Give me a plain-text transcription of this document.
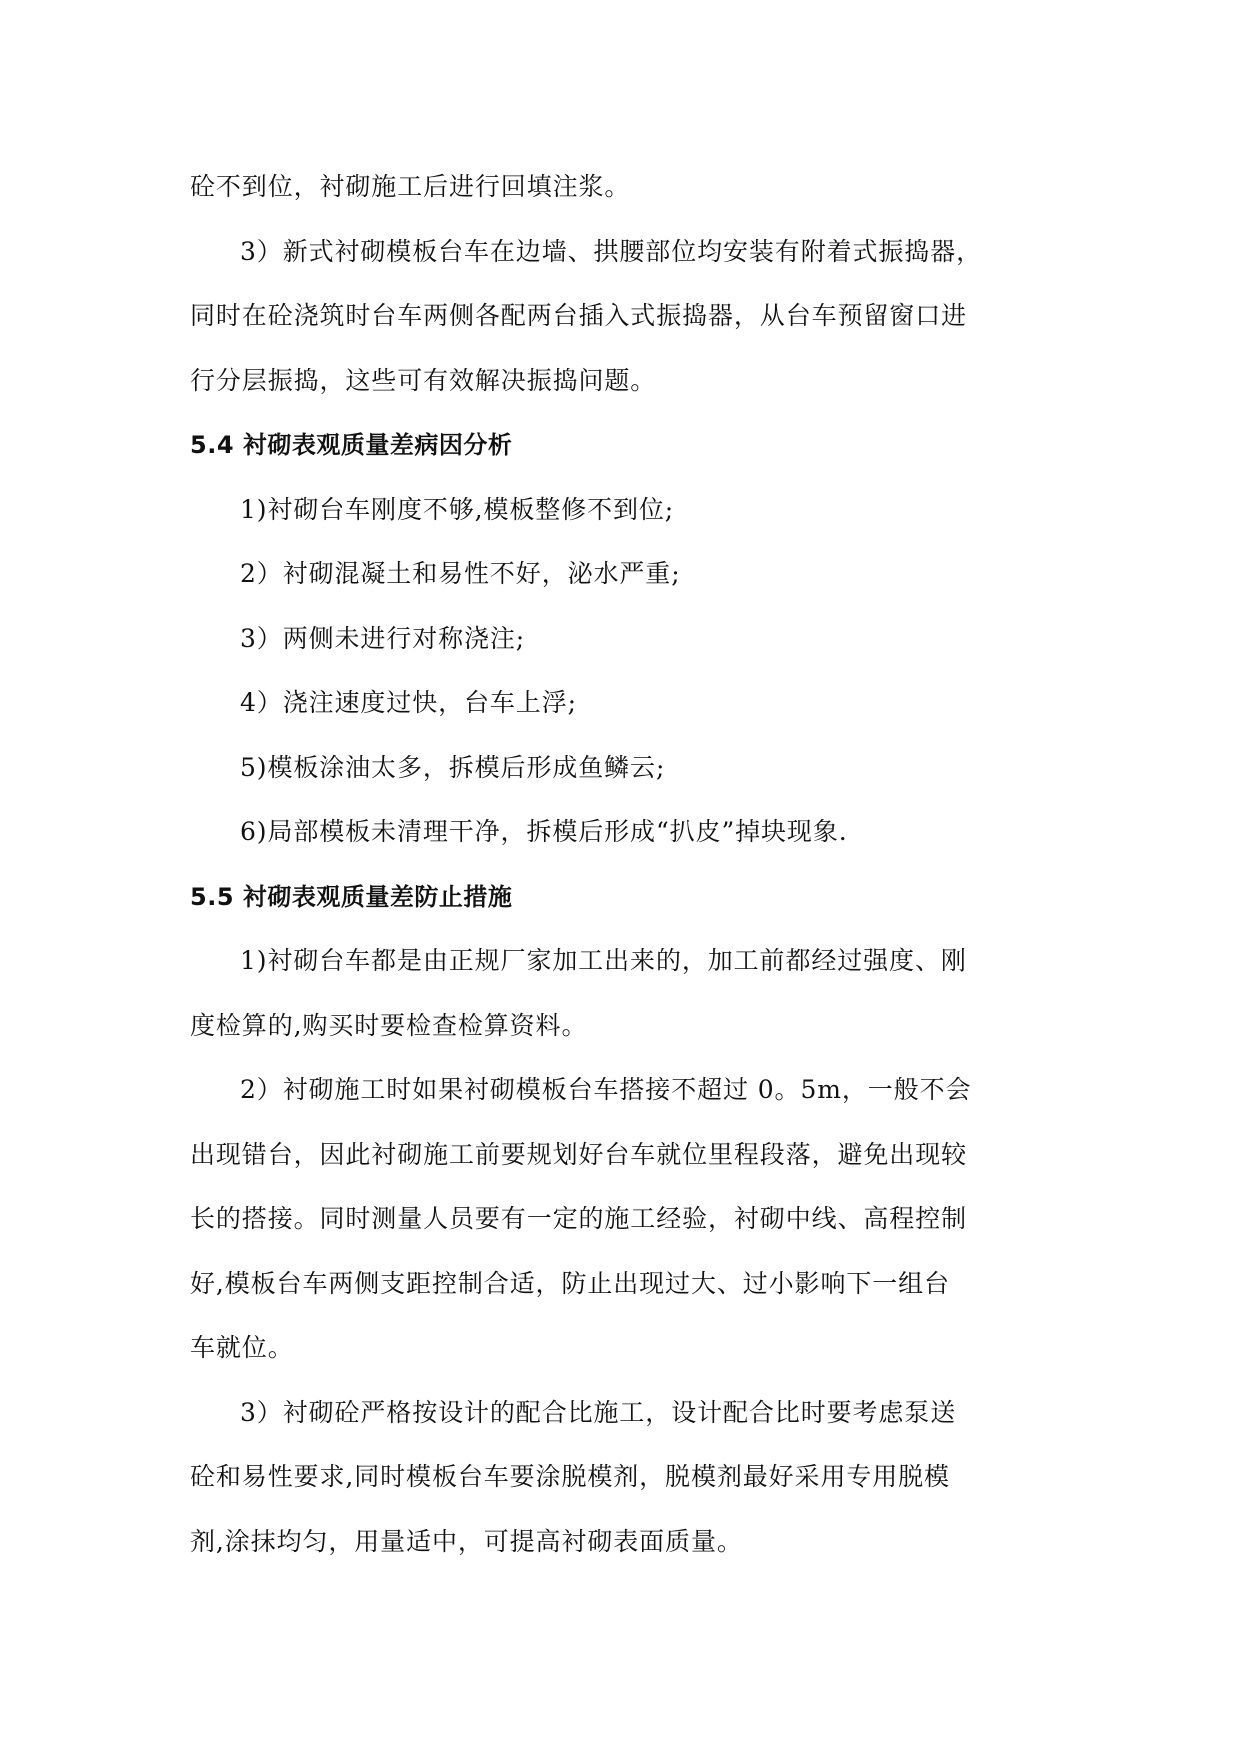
砼不到位，衬砌施工后进行回填注浆。

3）新式衬砌模板台车在边墙、拱腰部位均安装有附着式振捣器，

同时在砼浇筑时台车两侧各配两台插入式振捣器，从台车预留窗口进

行分层振捣，这些可有效解决振捣问题。

5.4 衬砌表观质量差病因分析

1)衬砌台车刚度不够,模板整修不到位;

2）衬砌混凝土和易性不好，泌水严重;

3）两侧未进行对称浇注;

4）浇注速度过快，台车上浮;

5)模板涂油太多，拆模后形成鱼鳞云;

6)局部模板未清理干净，拆模后形成“扒皮”掉块现象.

5.5 衬砌表观质量差防止措施

1)衬砌台车都是由正规厂家加工出来的，加工前都经过强度、刚

度检算的,购买时要检查检算资料。

2）衬砌施工时如果衬砌模板台车搭接不超过 0。5m，一般不会

出现错台，因此衬砌施工前要规划好台车就位里程段落，避免出现较

长的搭接。同时测量人员要有一定的施工经验，衬砌中线、高程控制

好,模板台车两侧支距控制合适，防止出现过大、过小影响下一组台

车就位。

3）衬砌砼严格按设计的配合比施工，设计配合比时要考虑泵送

砼和易性要求,同时模板台车要涂脱模剂，脱模剂最好采用专用脱模

剂,涂抹均匀，用量适中，可提高衬砌表面质量。
